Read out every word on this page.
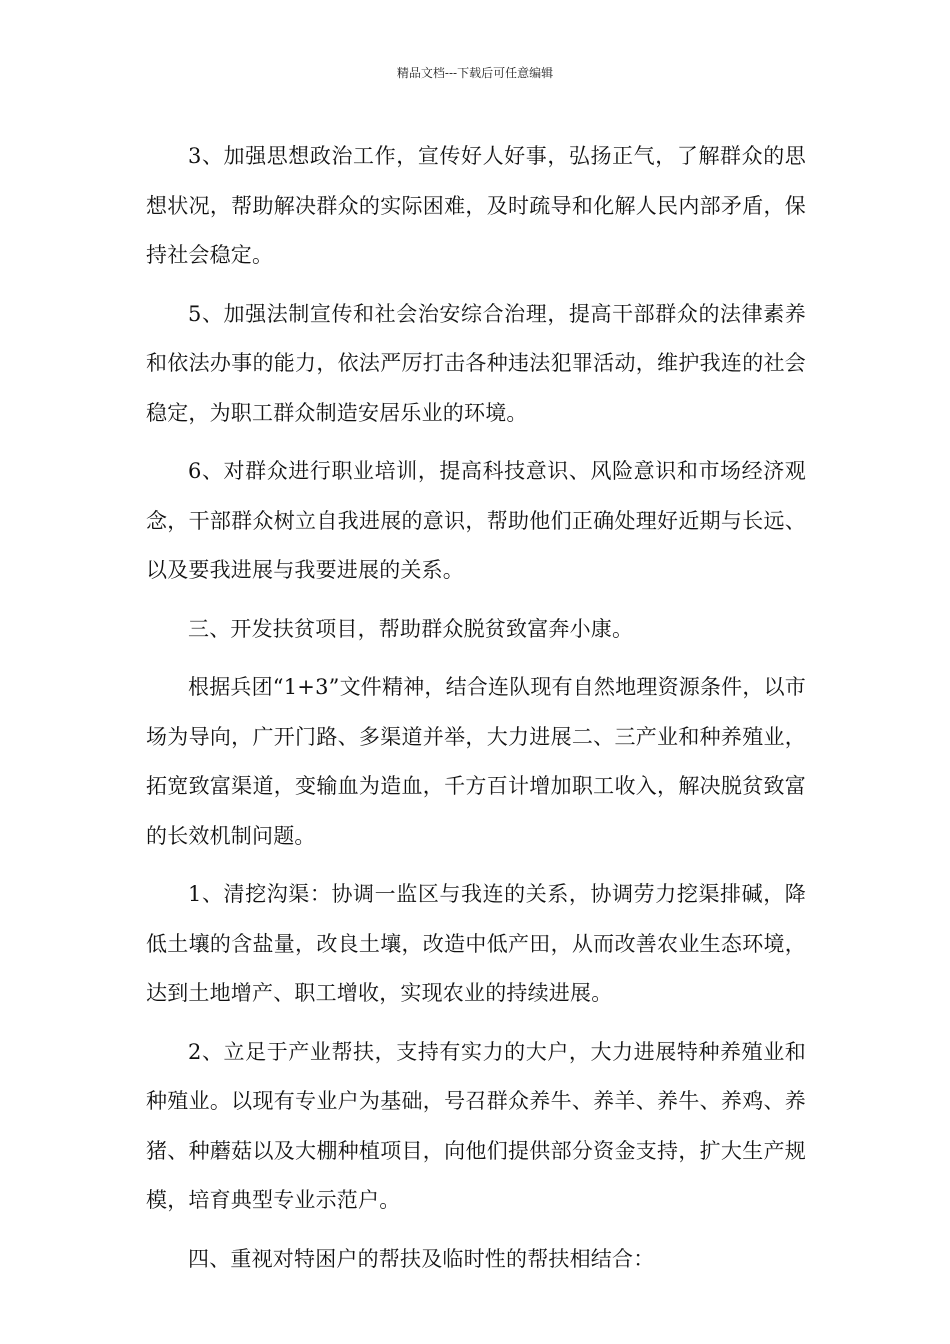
精品文档---下载后可任意编辑

3、加强思想政治工作，宣传好人好事，弘扬正气，了解群众的思想状况，帮助解决群众的实际困难，及时疏导和化解人民内部矛盾，保持社会稳定。

5、加强法制宣传和社会治安综合治理，提高干部群众的法律素养和依法办事的能力，依法严厉打击各种违法犯罪活动，维护我连的社会稳定，为职工群众制造安居乐业的环境。

6、对群众进行职业培训，提高科技意识、风险意识和市场经济观念，干部群众树立自我进展的意识，帮助他们正确处理好近期与长远、以及要我进展与我要进展的关系。

三、开发扶贫项目，帮助群众脱贫致富奔小康。

根据兵团“1+3”文件精神，结合连队现有自然地理资源条件，以市场为导向，广开门路、多渠道并举，大力进展二、三产业和种养殖业，拓宽致富渠道，变输血为造血，千方百计增加职工收入，解决脱贫致富的长效机制问题。

1、清挖沟渠：协调一监区与我连的关系，协调劳力挖渠排碱，降低土壤的含盐量，改良土壤，改造中低产田，从而改善农业生态环境，达到土地增产、职工增收，实现农业的持续进展。

2、立足于产业帮扶，支持有实力的大户，大力进展特种养殖业和种殖业。以现有专业户为基础，号召群众养牛、养羊、养牛、养鸡、养猪、种蘑菇以及大棚种植项目，向他们提供部分资金支持，扩大生产规模，培育典型专业示范户。

四、重视对特困户的帮扶及临时性的帮扶相结合：
